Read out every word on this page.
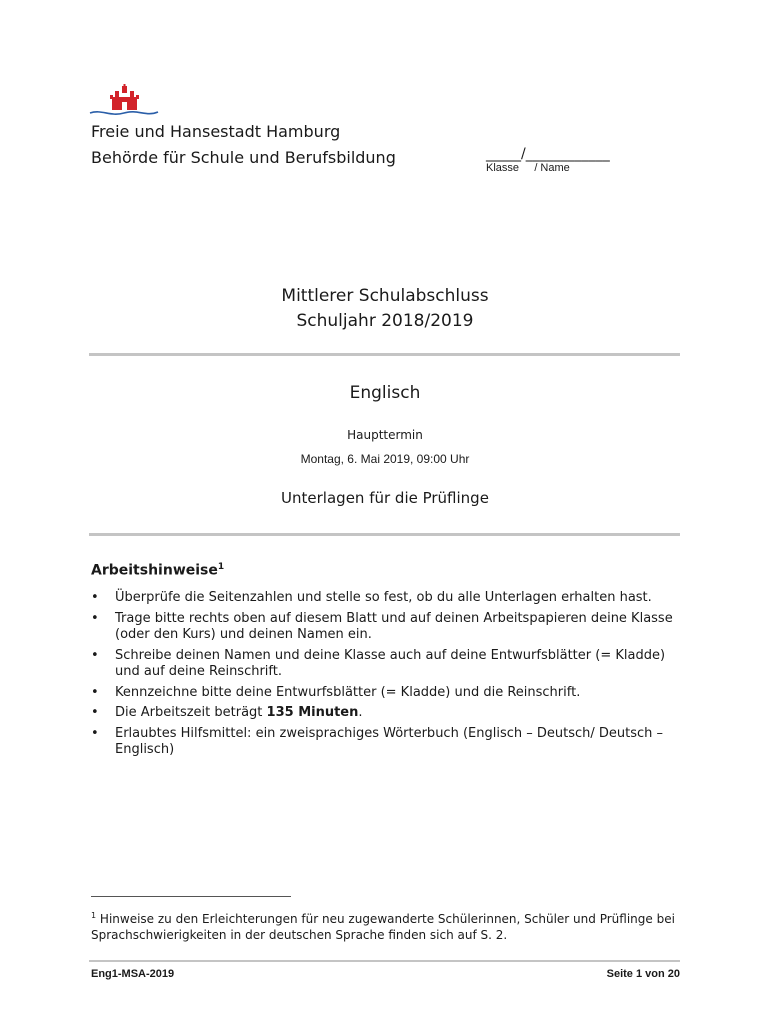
Freie und Hansestadt Hamburg
Behörde für Schule und Berufsbildung	_____/____________
Klasse / Name
Mittlerer Schulabschluss
Schuljahr 2018/2019
Englisch
Haupttermin
Montag, 6. Mai 2019, 09:00 Uhr
Unterlagen für die Prüflinge
Arbeitshinweise$^1$
• Überprüfe die Seitenzahlen und stelle so fest, ob du alle Unterlagen erhalten hast.
• Trage bitte rechts oben auf diesem Blatt und auf deinen Arbeitspapieren deine Klasse (oder den Kurs) und deinen Namen ein.
• Schreibe deinen Namen und deine Klasse auch auf deine Entwurfsblätter (= Kladde) und auf deine Reinschrift.
• Kennzeichne bitte deine Entwurfsblätter (= Kladde) und die Reinschrift.
• Die Arbeitszeit beträgt 135 Minuten.
• Erlaubtes Hilfsmittel: ein zweisprachiges Wörterbuch (Englisch – Deutsch/ Deutsch – Englisch)
$^1$ Hinweise zu den Erleichterungen für neu zugewanderte Schülerinnen, Schüler und Prüflinge bei Sprachschwierigkeiten in der deutschen Sprache finden sich auf S. 2.
Eng1-MSA-2019	Seite 1 von 20
